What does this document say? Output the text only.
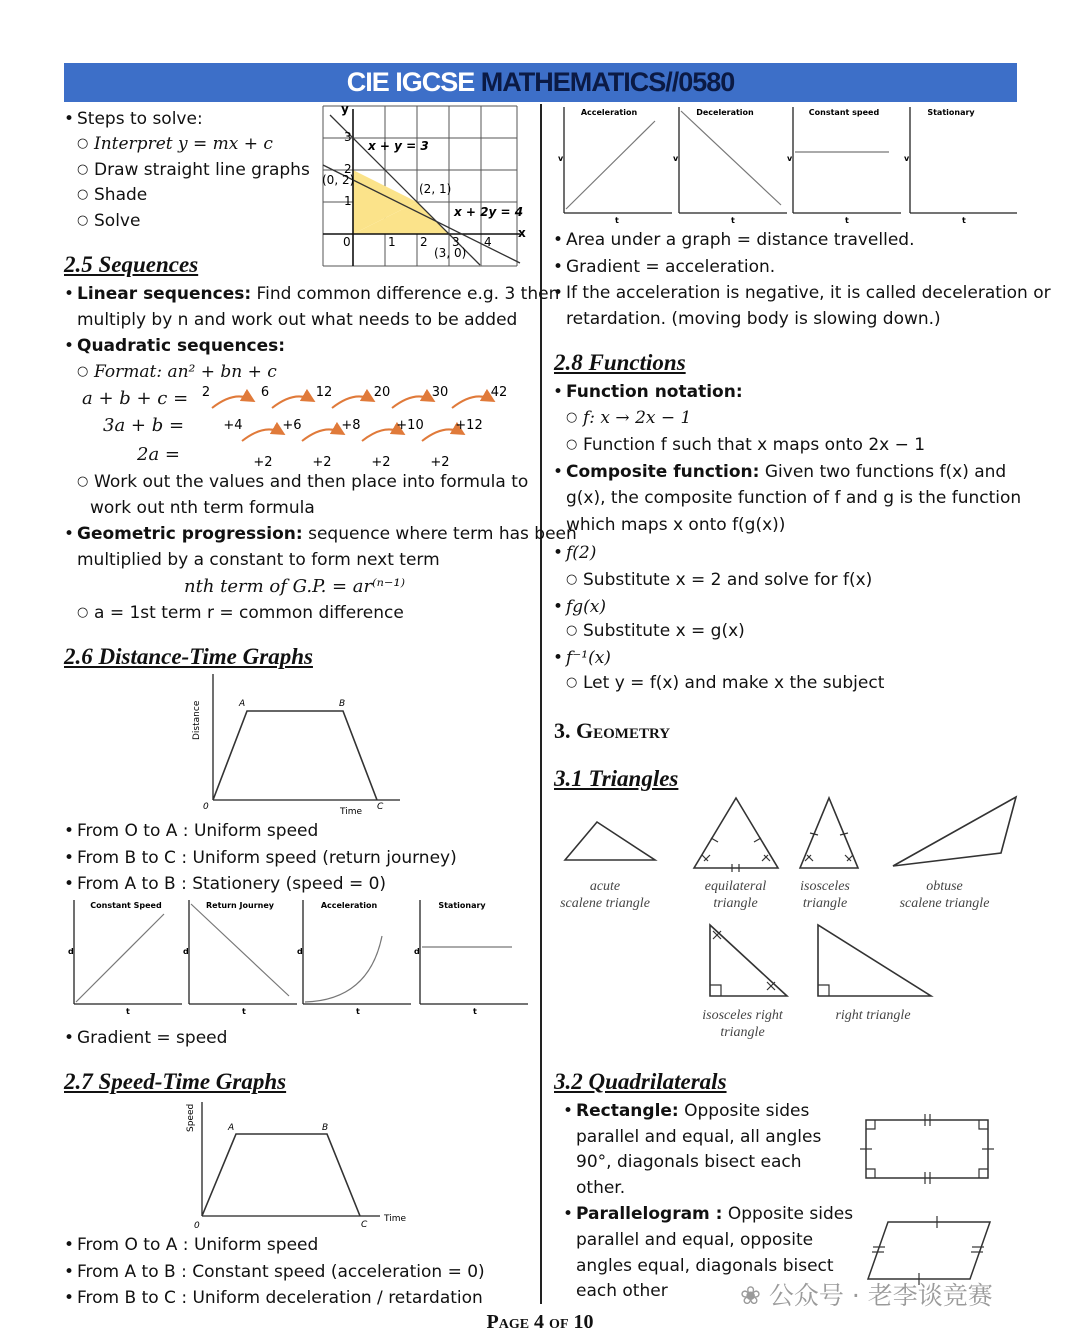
CIE IGCSE MATHEMATICS//0580
• Steps to solve:
○ Interpret y = mx + c
○ Draw straight line graphs
○ Shade
○ Solve
y
x
x + y = 3
x + 2y = 4
(0, 2)
(2, 1)
(3, 0)
0	1 2 3 4
1
2
3
2.5 Sequences
• Linear sequences: Find common difference e.g. 3 then
multiply by n and work out what needs to be added
• Quadratic sequences:
○ Format: an² + bn + c
a + b + c =
3a + b =
2a =
2	6	12	20	30	42
+4	+6	+8	+10 +12
+2	+2	+2	+2
○ Work out the values and then place into formula to
work out nth term formula
• Geometric progression: sequence where term has been
multiplied by a constant to form next term
nth term of G.P. = ar⁽ⁿ⁻¹⁾
○ a = 1st term r = common difference
2.6 Distance-Time Graphs
Distance
Time
0
A	B
C
• From O to A : Uniform speed
• From B to C : Uniform speed (return journey)
• From A to B : Stationery (speed = 0)
Constant Speed	Return Journey	Acceleration	Stationary
d
t
d
t
d
t
d
t
• Gradient = speed
2.7 Speed-Time Graphs
Speed
Time
0
A	B
C
• From O to A : Uniform speed
• From A to B : Constant speed (acceleration = 0)
• From B to C : Uniform deceleration / retardation
Acceleration	Deceleration	Constant speed	Stationary
v
t
v
t
v
t
v
t
• Area under a graph = distance travelled.
• Gradient = acceleration.
• If the acceleration is negative, it is called deceleration or
retardation. (moving body is slowing down.)
2.8 Functions
• Function notation:
○ f: x → 2x − 1
○ Function f such that x maps onto 2x − 1
• Composite function: Given two functions f(x) and
g(x), the composite function of f and g is the function
which maps x onto f(g(x))
• f(2)
○ Substitute x = 2 and solve for f(x)
• fg(x)
○ Substitute x = g(x)
• f⁻¹(x)
○ Let y = f(x) and make x the subject
3. Geometry
3.1 Triangles
acute
scalene triangle
equilateral
triangle
isosceles
triangle
obtuse
scalene triangle
isosceles right
triangle
right triangle
3.2 Quadrilaterals
• Rectangle: Opposite sides
parallel and equal, all angles
90°, diagonals bisect each
other.
• Parallelogram : Opposite sides
parallel and equal, opposite
angles equal, diagonals bisect
each other
Page 4 of 10
❀ 公众号 · 老李谈竞赛
